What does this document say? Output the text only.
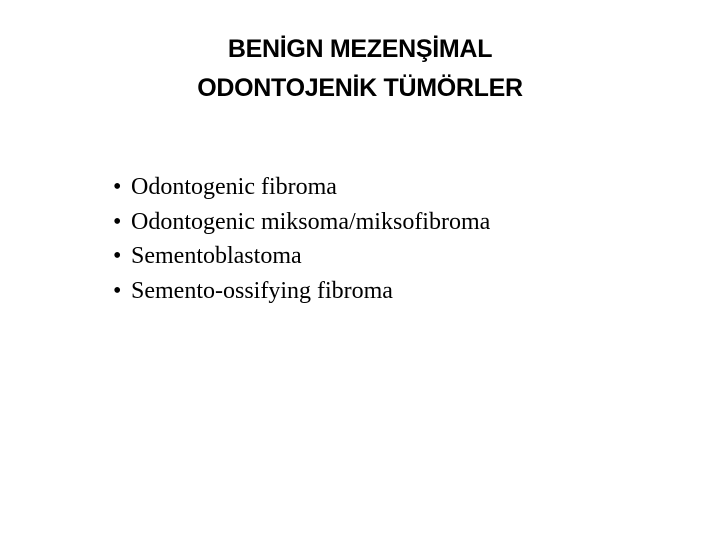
BENİGN MEZENŞİMAL
ODONTOJENİK TÜMÖRLER
• Odontogenic fibroma
• Odontogenic miksoma/miksofibroma
• Sementoblastoma
• Semento-ossifying fibroma
